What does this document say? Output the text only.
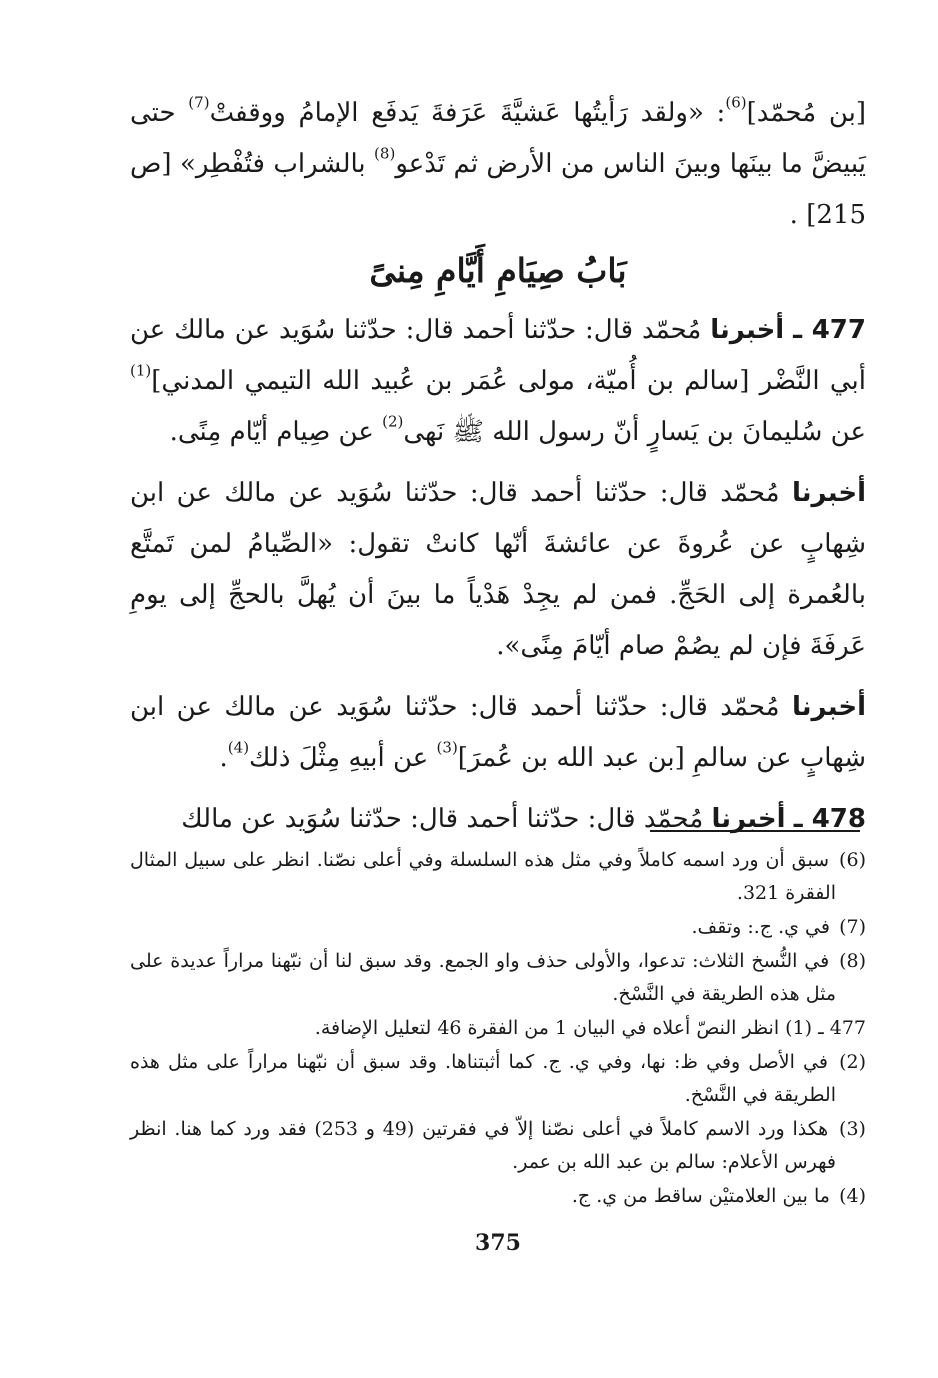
[بن مُحمّد]$^{(6)}$: «ولقد رَأيتُها عَشيَّةَ عَرَفةَ يَدفَع الإمامُ ووقفتْ$^{(7)}$ حتى يَبيضَّ ما بينَها وبينَ الناس من الأرض ثم تَدْعو$^{(8)}$ بالشراب فتُفْطِر» [ص 215] .

بَابُ صِيَامِ أَيَّامِ مِنىً

477 ـ أخبرنا مُحمّد قال: حدّثنا أحمد قال: حدّثنا سُوَيد عن مالك عن أبي النَّضْر [سالم بن أُميّة، مولى عُمَر بن عُبيد الله التيمي المدني]$^{(1)}$ عن سُليمانَ بن يَسارٍ أنّ رسول الله ﷺ نَهى$^{(2)}$ عن صِيام أيّام مِنًى.

أخبرنا مُحمّد قال: حدّثنا أحمد قال: حدّثنا سُوَيد عن مالك عن ابن شِهابٍ عن عُروةَ عن عائشةَ أنّها كانتْ تقول: «الصِّيامُ لمن تَمتَّع بالعُمرة إلى الحَجِّ. فمن لم يجِدْ هَدْياً ما بينَ أن يُهلَّ بالحجِّ إلى يومِ عَرفَةَ فإن لم يصُمْ صام أيّامَ مِنًى».

أخبرنا مُحمّد قال: حدّثنا أحمد قال: حدّثنا سُوَيد عن مالك عن ابن شِهابٍ عن سالمِ [بن عبد الله بن عُمرَ]$^{(3)}$ عن أبيهِ مِثْلَ ذلك$^{(4)}$.

478 ـ أخبرنا مُحمّد قال: حدّثنا أحمد قال: حدّثنا سُوَيد عن مالك

(6) سبق أن ورد اسمه كاملاً وفي مثل هذه السلسلة وفي أعلى نصّنا. انظر على سبيل المثال الفقرة 321.

(7) في ي. ج.: وتقف.

(8) في النُّسخ الثلاث: تدعوا، والأولى حذف واو الجمع. وقد سبق لنا أن نبّهنا مراراً عديدة على مثل هذه الطريقة في النَّسْخ.

477 ـ (1) انظر النصّ أعلاه في البيان 1 من الفقرة 46 لتعليل الإضافة.

(2) في الأصل وفي ظ: نها، وفي ي. ج. كما أثبتناها. وقد سبق أن نبّهنا مراراً على مثل هذه الطريقة في النَّسْخ.

(3) هكذا ورد الاسم كاملاً في أعلى نصّنا إلاّ في فقرتين (49 و 253) فقد ورد كما هنا. انظر فهرس الأعلام: سالم بن عبد الله بن عمر.

(4) ما بين العلامتيْن ساقط من ي. ج.

375
